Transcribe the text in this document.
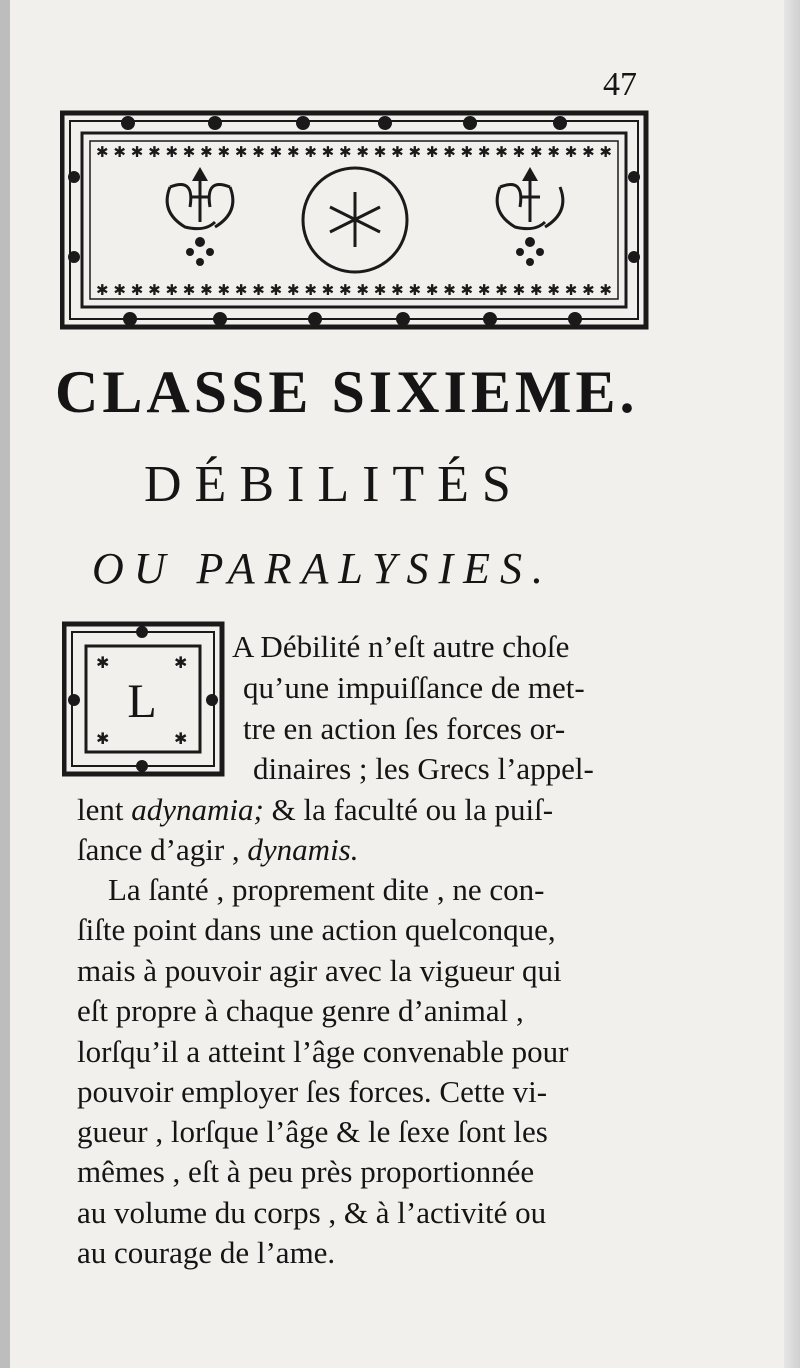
47
✱✱✱✱✱✱✱✱✱✱✱✱✱✱✱✱✱✱✱✱✱✱✱✱✱✱✱✱✱✱
✱✱✱✱✱✱✱✱✱✱✱✱✱✱✱✱✱✱✱✱✱✱✱✱✱✱✱✱✱✱
CLASSE SIXIEME.
DÉBILITÉS
OU PARALYSIES.
✱	✱
✱	✱
L
A Débilité n’eſt autre choſe
qu’une impuiſſance de met-
tre en action ſes forces or-
dinaires ; les Grecs l’appel-
lent adynamia; & la faculté ou la puiſ-
ſance d’agir , dynamis.
La ſanté , proprement dite , ne con-
ſiſte point dans une action quelconque,
mais à pouvoir agir avec la vigueur qui
eſt propre à chaque genre d’animal ,
lorſqu’il a atteint l’âge convenable pour
pouvoir employer ſes forces. Cette vi-
gueur , lorſque l’âge & le ſexe ſont les
mêmes , eſt à peu près proportionnée
au volume du corps , & à l’activité ou
au courage de l’ame.
